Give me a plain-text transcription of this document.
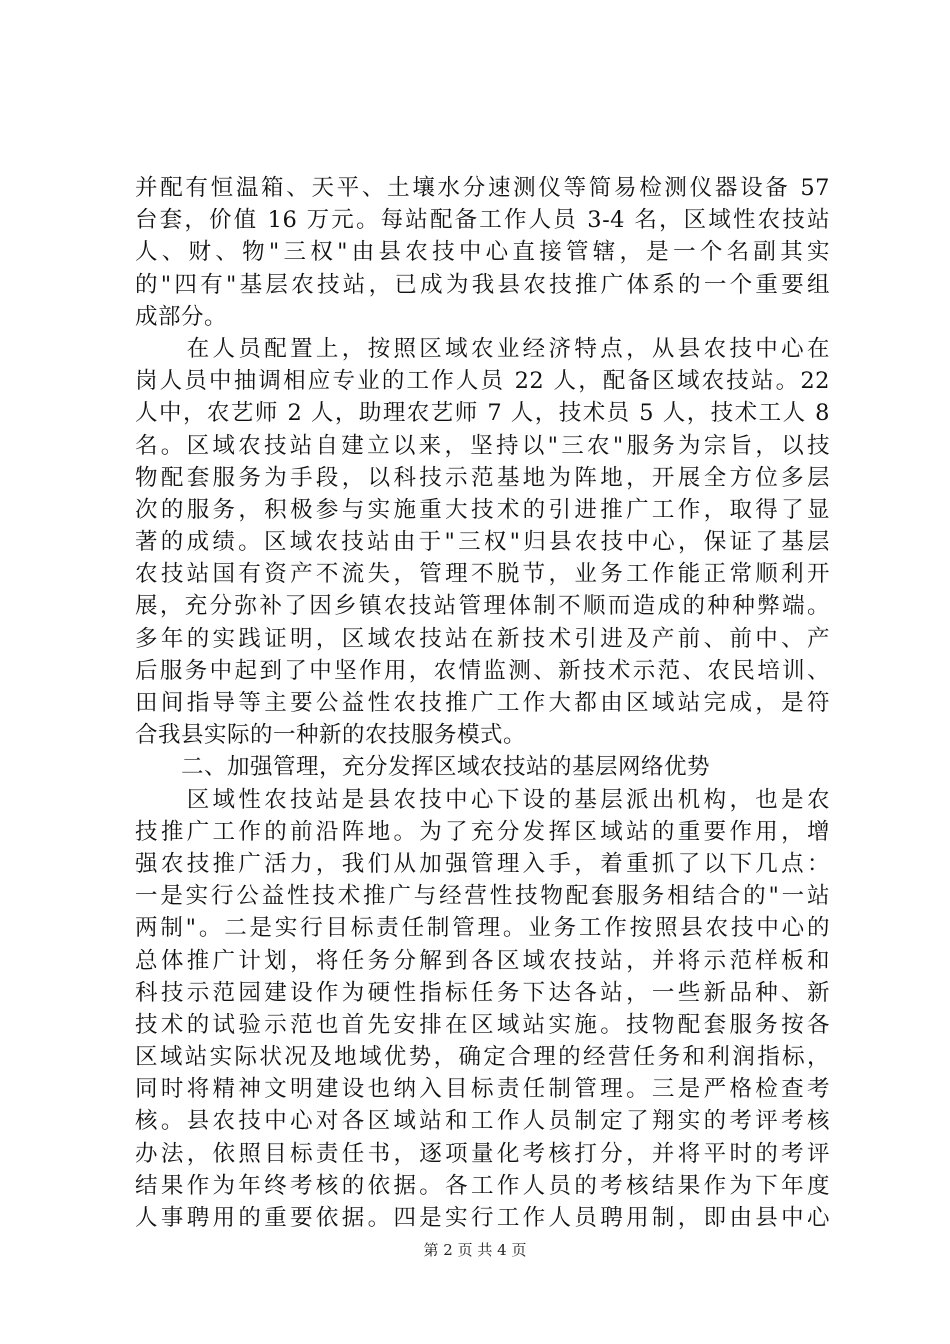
并配有恒温箱、天平、土壤水分速测仪等简易检测仪器设备 57
台套，价值 16 万元。每站配备工作人员 3-4 名，区域性农技站
人、财、物"三权"由县农技中心直接管辖，是一个名副其实
的"四有"基层农技站，已成为我县农技推广体系的一个重要组
成部分。
　　在人员配置上，按照区域农业经济特点，从县农技中心在
岗人员中抽调相应专业的工作人员 22 人，配备区域农技站。22
人中，农艺师 2 人，助理农艺师 7 人，技术员 5 人，技术工人 8
名。区域农技站自建立以来，坚持以"三农"服务为宗旨，以技
物配套服务为手段，以科技示范基地为阵地，开展全方位多层
次的服务，积极参与实施重大技术的引进推广工作，取得了显
著的成绩。区域农技站由于"三权"归县农技中心，保证了基层
农技站国有资产不流失，管理不脱节，业务工作能正常顺利开
展，充分弥补了因乡镇农技站管理体制不顺而造成的种种弊端。
多年的实践证明，区域农技站在新技术引进及产前、前中、产
后服务中起到了中坚作用，农情监测、新技术示范、农民培训、
田间指导等主要公益性农技推广工作大都由区域站完成，是符
合我县实际的一种新的农技服务模式。
　　二、加强管理，充分发挥区域农技站的基层网络优势
　　区域性农技站是县农技中心下设的基层派出机构，也是农
技推广工作的前沿阵地。为了充分发挥区域站的重要作用，增
强农技推广活力，我们从加强管理入手，着重抓了以下几点：
一是实行公益性技术推广与经营性技物配套服务相结合的"一站
两制"。二是实行目标责任制管理。业务工作按照县农技中心的
总体推广计划，将任务分解到各区域农技站，并将示范样板和
科技示范园建设作为硬性指标任务下达各站，一些新品种、新
技术的试验示范也首先安排在区域站实施。技物配套服务按各
区域站实际状况及地域优势，确定合理的经营任务和利润指标，
同时将精神文明建设也纳入目标责任制管理。三是严格检查考
核。县农技中心对各区域站和工作人员制定了翔实的考评考核
办法，依照目标责任书，逐项量化考核打分，并将平时的考评
结果作为年终考核的依据。各工作人员的考核结果作为下年度
人事聘用的重要依据。四是实行工作人员聘用制，即由县中心
第 2 页 共 4 页
